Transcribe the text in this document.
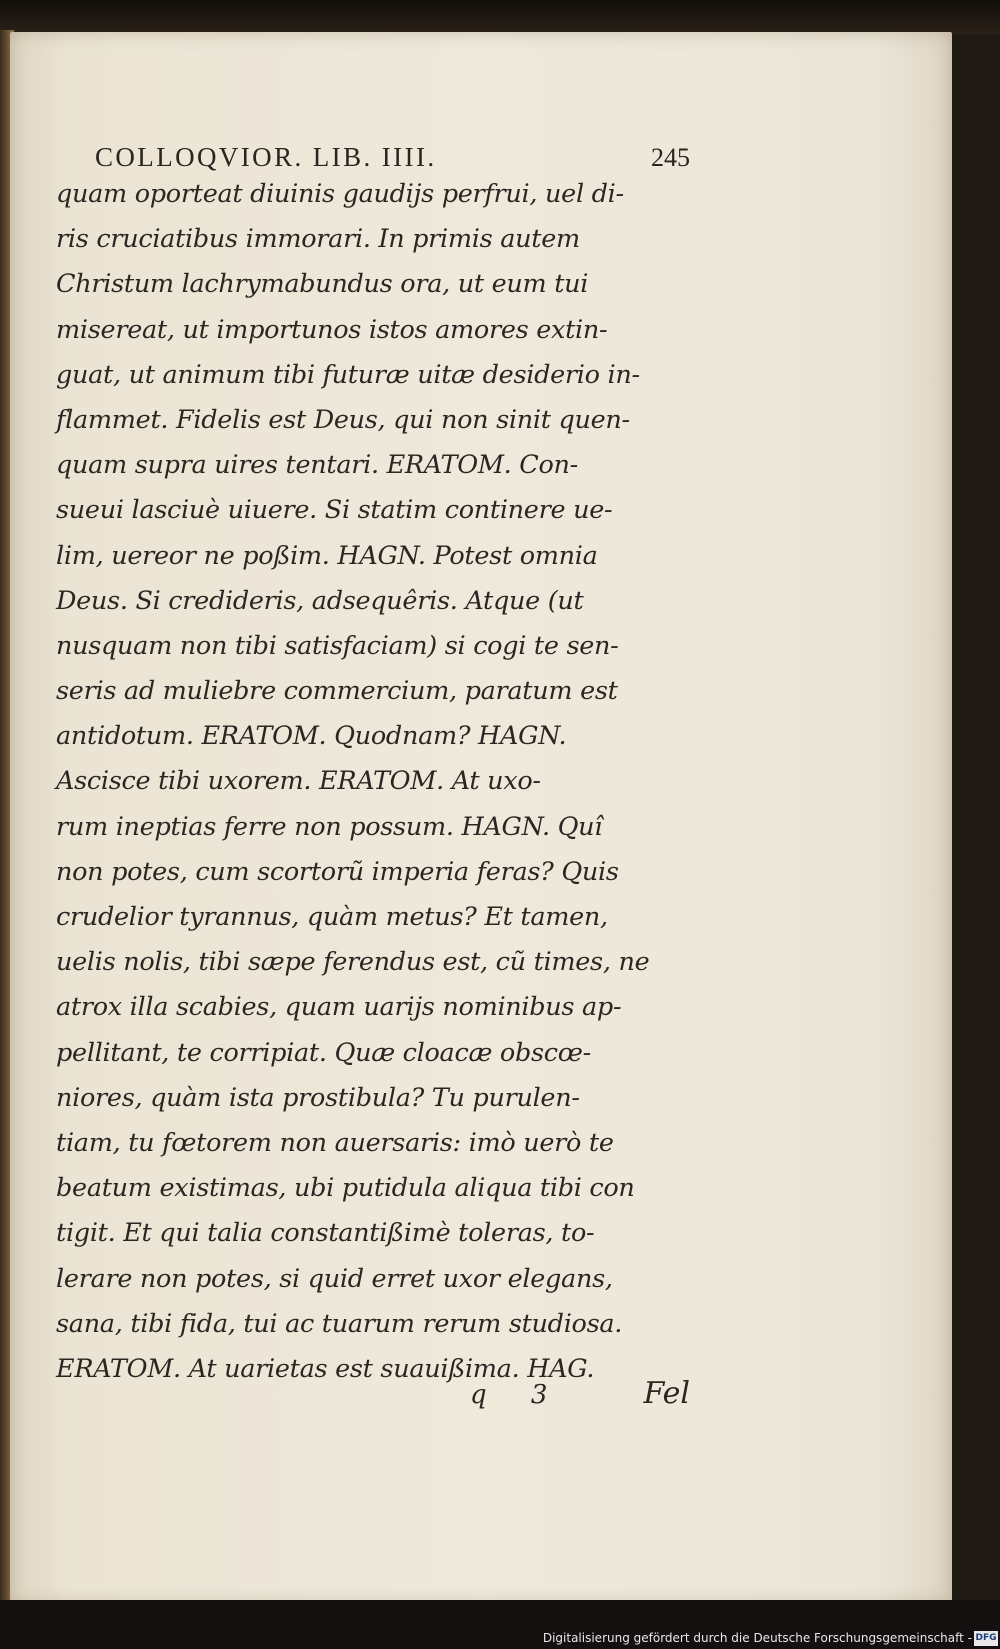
COLLOQVIOR. LIB. IIII.	245
quam oporteat diuinis gaudijs perfrui, uel di-
ris cruciatibus immorari. In primis autem
Christum lachrymabundus ora, ut eum tui
misereat, ut importunos istos amores extin-
guat, ut animum tibi futuræ uitæ desiderio in-
flammet. Fidelis est Deus, qui non sinit quen-
quam supra uires tentari. ERATOM. Con-
sueui lasciuè uiuere. Si statim continere ue-
lim, uereor ne poßim. HAGN. Potest omnia
Deus. Si credideris, adsequêris. Atque (ut
nusquam non tibi satisfaciam) si cogi te sen-
seris ad muliebre commercium, paratum est
antidotum. ERATOM. Quodnam? HAGN.
Ascisce tibi uxorem. ERATOM. At uxo-
rum ineptias ferre non possum. HAGN. Quî
non potes, cum scortorũ imperia feras? Quis
crudelior tyrannus, quàm metus? Et tamen,
uelis nolis, tibi sæpe ferendus est, cũ times, ne
atrox illa scabies, quam uarijs nominibus ap-
pellitant, te corripiat. Quæ cloacæ obscœ-
niores, quàm ista prostibula? Tu purulen-
tiam, tu fœtorem non auersaris: imò uerò te
beatum existimas, ubi putidula aliqua tibi con
tigit. Et qui talia constantißimè toleras, to-
lerare non potes, si quid erret uxor elegans,
sana, tibi fida, tui ac tuarum rerum studiosa.
ERATOM. At uarietas est suauißima. HAG.
q 3	Fel
Digitalisierung gefördert durch die Deutsche Forschungsgemeinschaft - DFG
